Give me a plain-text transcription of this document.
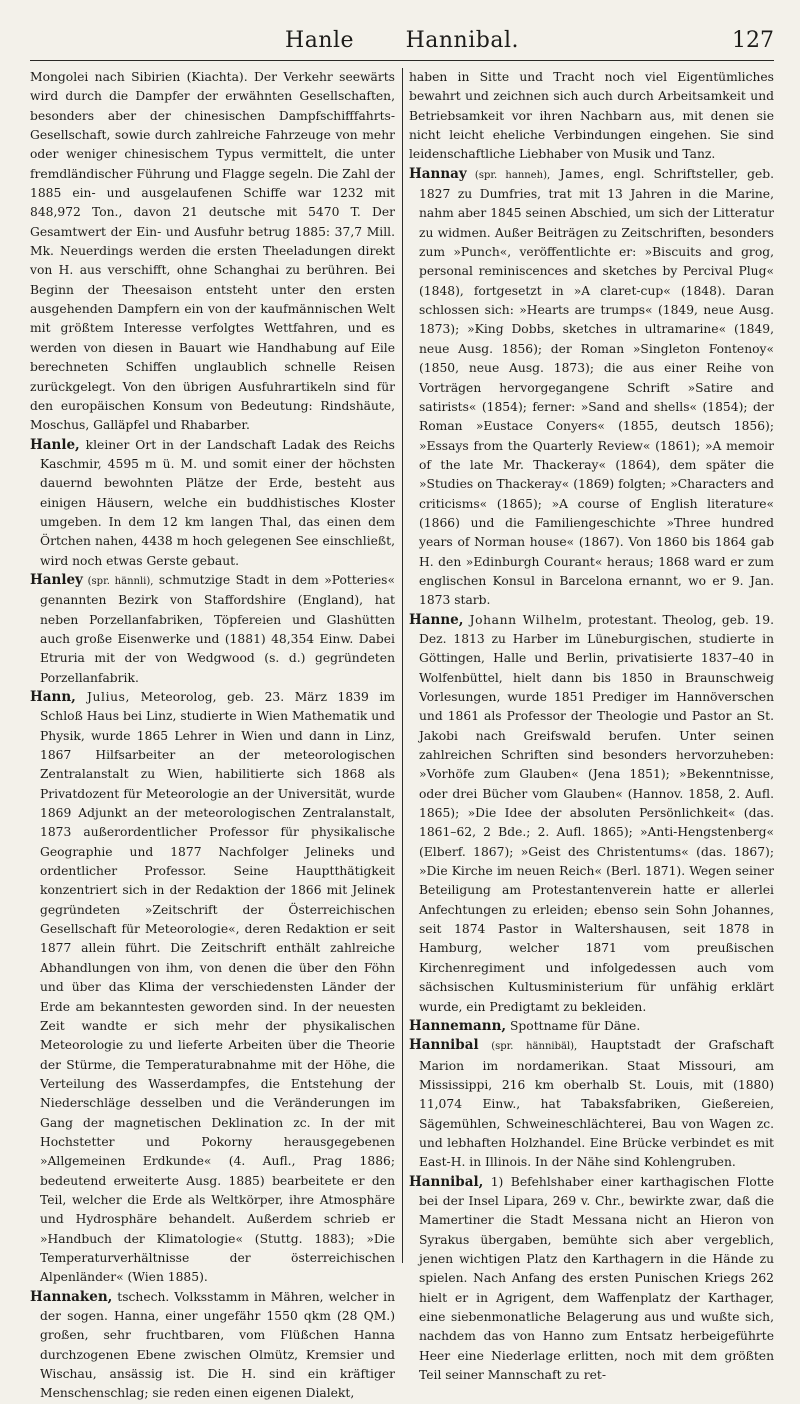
Hanle Hannibal.	127

Mongolei nach Sibirien (Kiachta). Der Verkehr seewärts wird durch die Dampfer der erwähnten Gesellschaften, besonders aber der chinesischen Dampfschifffahrts-Gesellschaft, sowie durch zahlreiche Fahrzeuge von mehr oder weniger chinesischem Typus vermittelt, die unter fremdländischer Führung und Flagge segeln. Die Zahl der 1885 ein- und ausgelaufenen Schiffe war 1232 mit 848,972 Ton., davon 21 deutsche mit 5470 T. Der Gesamtwert der Ein- und Ausfuhr betrug 1885: 37,7 Mill. Mk. Neuerdings werden die ersten Theeladungen direkt von H. aus verschifft, ohne Schanghai zu berühren. Bei Beginn der Theesaison entsteht unter den ersten ausgehenden Dampfern ein von der kaufmännischen Welt mit größtem Interesse verfolgtes Wettfahren, und es werden von diesen in Bauart wie Handhabung auf Eile berechneten Schiffen unglaublich schnelle Reisen zurückgelegt. Von den übrigen Ausfuhrartikeln sind für den europäischen Konsum von Bedeutung: Rindshäute, Moschus, Galläpfel und Rhabarber.

Hanle, kleiner Ort in der Landschaft Ladak des Reichs Kaschmir, 4595 m ü. M. und somit einer der höchsten dauernd bewohnten Plätze der Erde, besteht aus einigen Häusern, welche ein buddhistisches Kloster umgeben. In dem 12 km langen Thal, das einen dem Örtchen nahen, 4438 m hoch gelegenen See einschließt, wird noch etwas Gerste gebaut.

Hanley (spr. hännli), schmutzige Stadt in dem »Potteries« genannten Bezirk von Staffordshire (England), hat neben Porzellanfabriken, Töpfereien und Glashütten auch große Eisenwerke und (1881) 48,354 Einw. Dabei Etruria mit der von Wedgwood (s. d.) gegründeten Porzellanfabrik.

Hann, Julius, Meteorolog, geb. 23. März 1839 im Schloß Haus bei Linz, studierte in Wien Mathematik und Physik, wurde 1865 Lehrer in Wien und dann in Linz, 1867 Hilfsarbeiter an der meteorologischen Zentralanstalt zu Wien, habilitierte sich 1868 als Privatdozent für Meteorologie an der Universität, wurde 1869 Adjunkt an der meteorologischen Zentralanstalt, 1873 außerordentlicher Professor für physikalische Geographie und 1877 Nachfolger Jelineks und ordentlicher Professor. Seine Hauptthätigkeit konzentriert sich in der Redaktion der 1866 mit Jelinek gegründeten »Zeitschrift der Österreichischen Gesellschaft für Meteorologie«, deren Redaktion er seit 1877 allein führt. Die Zeitschrift enthält zahlreiche Abhandlungen von ihm, von denen die über den Föhn und über das Klima der verschiedensten Länder der Erde am bekanntesten geworden sind. In der neuesten Zeit wandte er sich mehr der physikalischen Meteorologie zu und lieferte Arbeiten über die Theorie der Stürme, die Temperaturabnahme mit der Höhe, die Verteilung des Wasserdampfes, die Entstehung der Niederschläge desselben und die Veränderungen im Gang der magnetischen Deklination zc. In der mit Hochstetter und Pokorny herausgegebenen »Allgemeinen Erdkunde« (4. Aufl., Prag 1886; bedeutend erweiterte Ausg. 1885) bearbeitete er den Teil, welcher die Erde als Weltkörper, ihre Atmosphäre und Hydrosphäre behandelt. Außerdem schrieb er »Handbuch der Klimatologie« (Stuttg. 1883); »Die Temperaturverhältnisse der österreichischen Alpenländer« (Wien 1885).

Hannaken, tschech. Volksstamm in Mähren, welcher in der sogen. Hanna, einer ungefähr 1550 qkm (28 QM.) großen, sehr fruchtbaren, vom Flüßchen Hanna durchzogenen Ebene zwischen Olmütz, Kremsier und Wischau, ansässig ist. Die H. sind ein kräftiger Menschenschlag; sie reden einen eigenen Dialekt,

haben in Sitte und Tracht noch viel Eigentümliches bewahrt und zeichnen sich auch durch Arbeitsamkeit und Betriebsamkeit vor ihren Nachbarn aus, mit denen sie nicht leicht eheliche Verbindungen eingehen. Sie sind leidenschaftliche Liebhaber von Musik und Tanz.

Hannay (spr. hanneh), James, engl. Schriftsteller, geb. 1827 zu Dumfries, trat mit 13 Jahren in die Marine, nahm aber 1845 seinen Abschied, um sich der Litteratur zu widmen. Außer Beiträgen zu Zeitschriften, besonders zum »Punch«, veröffentlichte er: »Biscuits and grog, personal reminiscences and sketches by Percival Plug« (1848), fortgesetzt in »A claret-cup« (1848). Daran schlossen sich: »Hearts are trumps« (1849, neue Ausg. 1873); »King Dobbs, sketches in ultramarine« (1849, neue Ausg. 1856); der Roman »Singleton Fontenoy« (1850, neue Ausg. 1873); die aus einer Reihe von Vorträgen hervorgegangene Schrift »Satire and satirists« (1854); ferner: »Sand and shells« (1854); der Roman »Eustace Conyers« (1855, deutsch 1856); »Essays from the Quarterly Review« (1861); »A memoir of the late Mr. Thackeray« (1864), dem später die »Studies on Thackeray« (1869) folgten; »Characters and criticisms« (1865); »A course of English literature« (1866) und die Familiengeschichte »Three hundred years of Norman house« (1867). Von 1860 bis 1864 gab H. den »Edinburgh Courant« heraus; 1868 ward er zum englischen Konsul in Barcelona ernannt, wo er 9. Jan. 1873 starb.

Hanne, Johann Wilhelm, protestant. Theolog, geb. 19. Dez. 1813 zu Harber im Lüneburgischen, studierte in Göttingen, Halle und Berlin, privatisierte 1837–40 in Wolfenbüttel, hielt dann bis 1850 in Braunschweig Vorlesungen, wurde 1851 Prediger im Hannöverschen und 1861 als Professor der Theologie und Pastor an St. Jakobi nach Greifswald berufen. Unter seinen zahlreichen Schriften sind besonders hervorzuheben: »Vorhöfe zum Glauben« (Jena 1851); »Bekenntnisse, oder drei Bücher vom Glauben« (Hannov. 1858, 2. Aufl. 1865); »Die Idee der absoluten Persönlichkeit« (das. 1861–62, 2 Bde.; 2. Aufl. 1865); »Anti-Hengstenberg« (Elberf. 1867); »Geist des Christentums« (das. 1867); »Die Kirche im neuen Reich« (Berl. 1871). Wegen seiner Beteiligung am Protestantenverein hatte er allerlei Anfechtungen zu erleiden; ebenso sein Sohn Johannes, seit 1874 Pastor in Waltershausen, seit 1878 in Hamburg, welcher 1871 vom preußischen Kirchenregiment und infolgedessen auch vom sächsischen Kultusministerium für unfähig erklärt wurde, ein Predigtamt zu bekleiden.

Hannemann, Spottname für Däne.

Hannibal (spr. hännibäl), Hauptstadt der Grafschaft Marion im nordamerikan. Staat Missouri, am Mississippi, 216 km oberhalb St. Louis, mit (1880) 11,074 Einw., hat Tabaksfabriken, Gießereien, Sägemühlen, Schweineschlächterei, Bau von Wagen zc. und lebhaften Holzhandel. Eine Brücke verbindet es mit East-H. in Illinois. In der Nähe sind Kohlengruben.

Hannibal, 1) Befehlshaber einer karthagischen Flotte bei der Insel Lipara, 269 v. Chr., bewirkte zwar, daß die Mamertiner die Stadt Messana nicht an Hieron von Syrakus übergaben, bemühte sich aber vergeblich, jenen wichtigen Platz den Karthagern in die Hände zu spielen. Nach Anfang des ersten Punischen Kriegs 262 hielt er in Agrigent, dem Waffenplatz der Karthager, eine siebenmonatliche Belagerung aus und wußte sich, nachdem das von Hanno zum Entsatz herbeigeführte Heer eine Niederlage erlitten, noch mit dem größten Teil seiner Mannschaft zu ret-
